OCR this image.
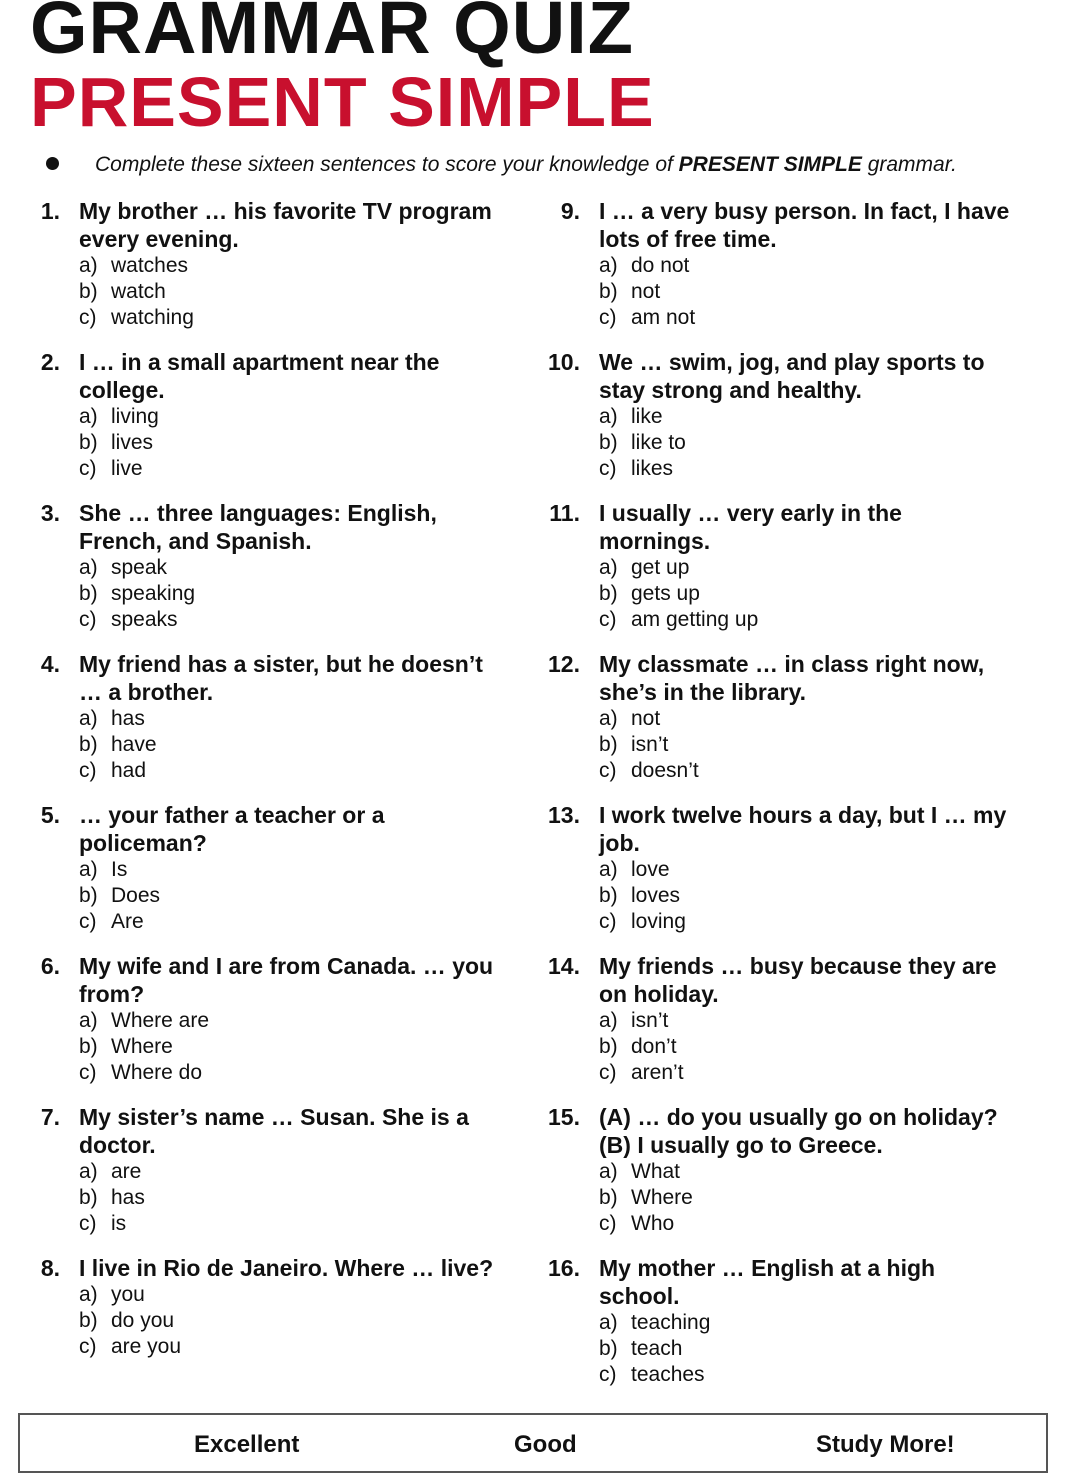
GRAMMAR QUIZ
PRESENT SIMPLE
Complete these sixteen sentences to score your knowledge of PRESENT SIMPLE grammar.
1. My brother … his favorite TV program every evening.
a) watches
b) watch
c) watching
2. I … in a small apartment near the college.
a) living
b) lives
c) live
3. She … three languages: English, French, and Spanish.
a) speak
b) speaking
c) speaks
4. My friend has a sister, but he doesn’t … a brother.
a) has
b) have
c) had
5. … your father a teacher or a policeman?
a) Is
b) Does
c) Are
6. My wife and I are from Canada. … you from?
a) Where are
b) Where
c) Where do
7. My sister’s name … Susan. She is a doctor.
a) are
b) has
c) is
8. I live in Rio de Janeiro. Where … live?
a) you
b) do you
c) are you
9. I … a very busy person. In fact, I have lots of free time.
a) do not
b) not
c) am not
10. We … swim, jog, and play sports to stay strong and healthy.
a) like
b) like to
c) likes
11. I usually … very early in the mornings.
a) get up
b) gets up
c) am getting up
12. My classmate … in class right now, she’s in the library.
a) not
b) isn’t
c) doesn’t
13. I work twelve hours a day, but I … my job.
a) love
b) loves
c) loving
14. My friends … busy because they are on holiday.
a) isn’t
b) don’t
c) aren’t
15. (A) … do you usually go on holiday? (B) I usually go to Greece.
a) What
b) Where
c) Who
16. My mother … English at a high school.
a) teaching
b) teach
c) teaches
Excellent	Good	Study More!
